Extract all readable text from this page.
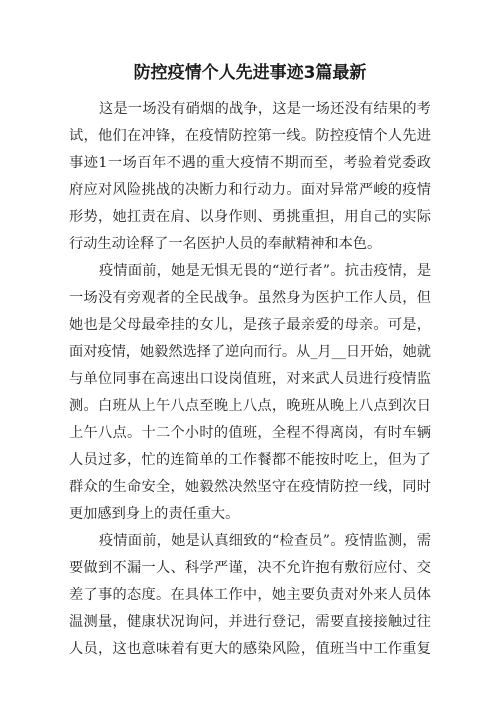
防控疫情个人先进事迹3篇最新
这是一场没有硝烟的战争，这是一场还没有结果的考
试，他们在冲锋，在疫情防控第一线。防控疫情个人先进
事迹1一场百年不遇的重大疫情不期而至，考验着党委政
府应对风险挑战的决断力和行动力。面对异常严峻的疫情
形势，她扛责在肩、以身作则、勇挑重担，用自己的实际
行动生动诠释了一名医护人员的奉献精神和本色。
疫情面前，她是无惧无畏的“逆行者”。抗击疫情，是
一场没有旁观者的全民战争。虽然身为医护工作人员，但
她也是父母最牵挂的女儿，是孩子最亲爱的母亲。可是，
面对疫情，她毅然选择了逆向而行。从_月__日开始，她就
与单位同事在高速出口设岗值班，对来武人员进行疫情监
测。白班从上午八点至晚上八点，晚班从晚上八点到次日
上午八点。十二个小时的值班，全程不得离岗，有时车辆
人员过多，忙的连简单的工作餐都不能按时吃上，但为了
群众的生命安全，她毅然决然坚守在疫情防控一线，同时
更加感到身上的责任重大。
疫情面前，她是认真细致的“检查员”。疫情监测，需
要做到不漏一人、科学严谨，决不允许抱有敷衍应付、交
差了事的态度。在具体工作中，她主要负责对外来人员体
温测量，健康状况询问，并进行登记，需要直接接触过往
人员，这也意味着有更大的感染风险，值班当中工作重复
